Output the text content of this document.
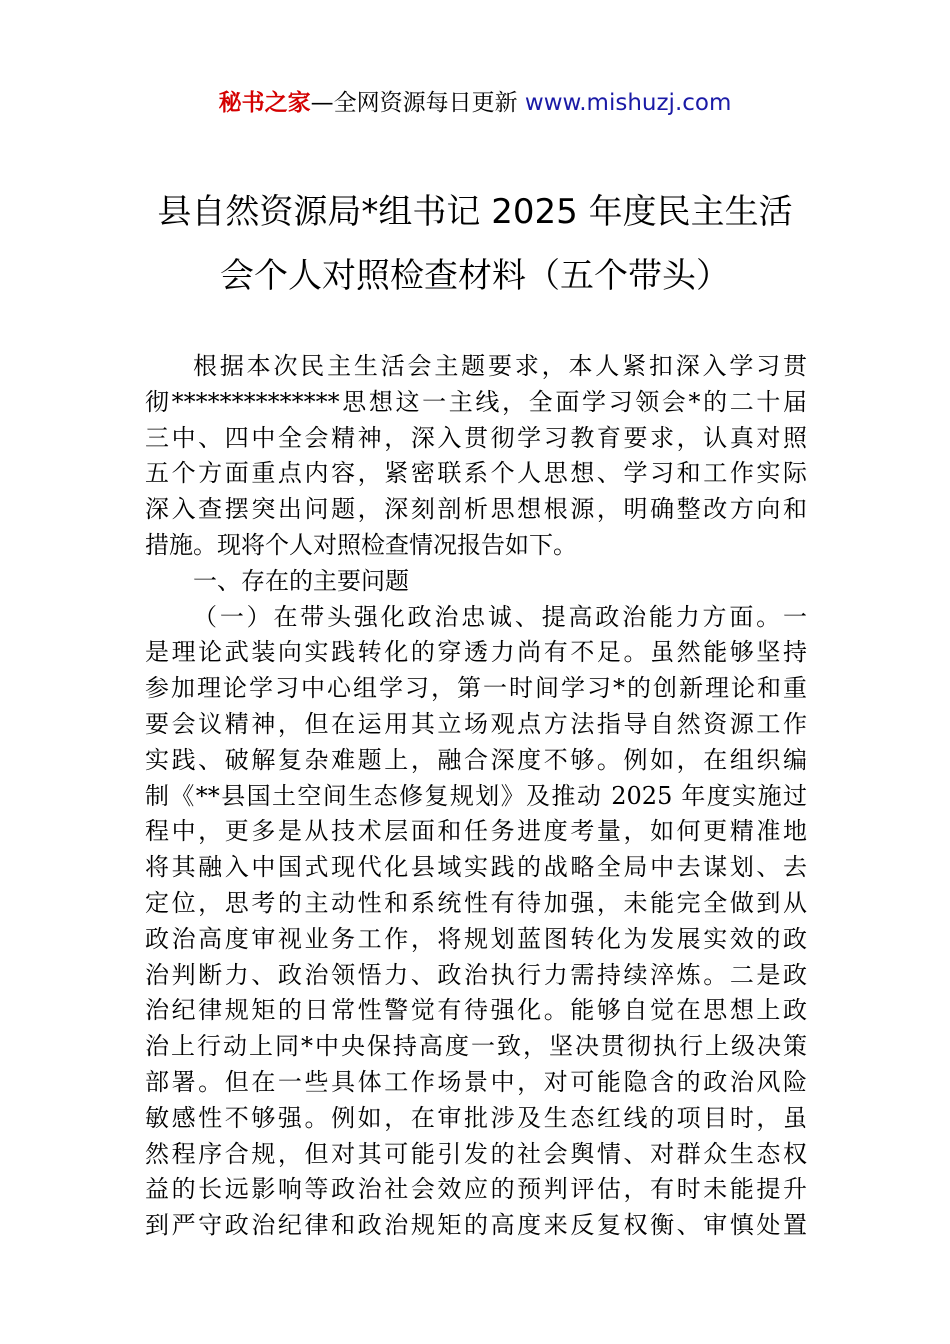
秘书之家—全网资源每日更新 www.mishuzj.com
县自然资源局*组书记 2025 年度民主生活
会个人对照检查材料（五个带头）
根据本次民主生活会主题要求，本人紧扣深入学习贯
彻**************思想这一主线，全面学习领会*的二十届
三中、四中全会精神，深入贯彻学习教育要求，认真对照
五个方面重点内容，紧密联系个人思想、学习和工作实际
深入查摆突出问题，深刻剖析思想根源，明确整改方向和
措施。现将个人对照检查情况报告如下。
一、存在的主要问题
（一）在带头强化政治忠诚、提高政治能力方面。一
是理论武装向实践转化的穿透力尚有不足。虽然能够坚持
参加理论学习中心组学习，第一时间学习*的创新理论和重
要会议精神，但在运用其立场观点方法指导自然资源工作
实践、破解复杂难题上，融合深度不够。例如，在组织编
制《**县国土空间生态修复规划》及推动 2025 年度实施过
程中，更多是从技术层面和任务进度考量，如何更精准地
将其融入中国式现代化县域实践的战略全局中去谋划、去
定位，思考的主动性和系统性有待加强，未能完全做到从
政治高度审视业务工作，将规划蓝图转化为发展实效的政
治判断力、政治领悟力、政治执行力需持续淬炼。二是政
治纪律规矩的日常性警觉有待强化。能够自觉在思想上政
治上行动上同*中央保持高度一致，坚决贯彻执行上级决策
部署。但在一些具体工作场景中，对可能隐含的政治风险
敏感性不够强。例如，在审批涉及生态红线的项目时，虽
然程序合规，但对其可能引发的社会舆情、对群众生态权
益的长远影响等政治社会效应的预判评估，有时未能提升
到严守政治纪律和政治规矩的高度来反复权衡、审慎处置
